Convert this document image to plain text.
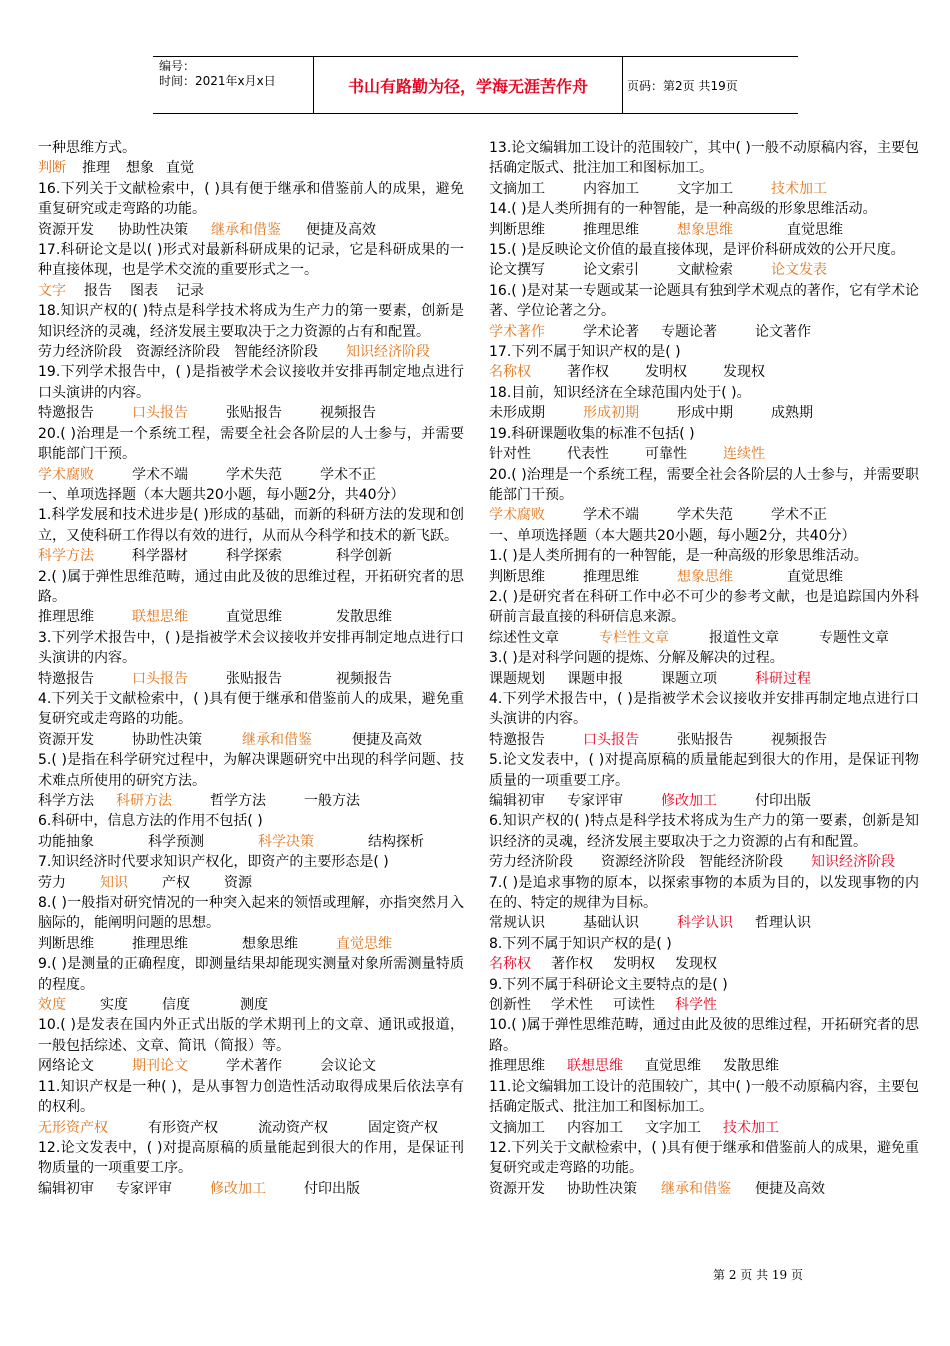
编号：
时间：2021年x月x日	书山有路勤为径，学海无涯苦作舟	页码：第2页 共19页
一种思维方式。
判断 推理 想象 直觉
16.下列关于文献检索中，( )具有便于继承和借鉴前人的成果，避免重复研究或走弯路的功能。
资源开发 协助性决策 继承和借鉴 便捷及高效
17.科研论文是以( )形式对最新科研成果的记录，它是科研成果的一种直接体现，也是学术交流的重要形式之一。
文字 报告 图表 记录
18.知识产权的( )特点是科学技术将成为生产力的第一要素，创新是知识经济的灵魂，经济发展主要取决于之力资源的占有和配置。
劳力经济阶段　资源经济阶段　智能经济阶段　　知识经济阶段
19.下列学术报告中，( )是指被学术会议接收并安排再制定地点进行口头演讲的内容。
特邀报告	口头报告	张贴报告	视频报告
20.( )治理是一个系统工程，需要全社会各阶层的人士参与，并需要职能部门干预。
学术腐败	学术不端	学术失范	学术不正
一、单项选择题（本大题共20小题，每小题2分，共40分）
1.科学发展和技术进步是( )形成的基础，而新的科研方法的发现和创立，又使科研工作得以有效的进行，从而从今科学和技术的新飞跃。
科学方法	科学器材	科学探索	科学创新
2.( )属于弹性思维范畴，通过由此及彼的思维过程，开拓研究者的思路。
推理思维	联想思维	直觉思维	发散思维
3.下列学术报告中，( )是指被学术会议接收并安排再制定地点进行口头演讲的内容。
特邀报告	口头报告	张贴报告	视频报告
4.下列关于文献检索中，( )具有便于继承和借鉴前人的成果，避免重复研究或走弯路的功能。
资源开发	协助性决策	继承和借鉴	便捷及高效
5.( )是指在科学研究过程中，为解决课题研究中出现的科学问题、技术难点所使用的研究方法。
科学方法 科研方法	哲学方法	一般方法
6.科研中，信息方法的作用不包括( )
功能抽象	科学预测	科学决策	结构探析
7.知识经济时代要求知识产权化，即资产的主要形态是( )
劳力 知识 产权 资源
8.( )一般指对研究情况的一种突入起来的领悟或理解，亦指突然月入脑际的，能阐明问题的思想。
判断思维	推理思维	想象思维	直觉思维
9.( )是测量的正确程度，即测量结果却能现实测量对象所需测量特质的程度。
效度 实度 信度	测度
10.( )是发表在国内外正式出版的学术期刊上的文章、通讯或报道，一般包括综述、文章、简讯（简报）等。
网络论文	期刊论文	学术著作	会议论文
11.知识产权是一种( )，是从事智力创造性活动取得成果后依法享有的权利。
无形资产权	有形资产权	流动资产权	固定资产权
12.论文发表中，( )对提高原稿的质量能起到很大的作用，是保证刊物质量的一项重要工序。
编辑初审 专家评审	修改加工	付印出版
13.论文编辑加工设计的范围较广，其中( )一般不动原稿内容，主要包括确定版式、批注加工和图标加工。
文摘加工	内容加工	文字加工	技术加工
14.( )是人类所拥有的一种智能，是一种高级的形象思维活动。
判断思维	推理思维	想象思维	直觉思维
15.( )是反映论文价值的最直接体现，是评价科研成效的公开尺度。
论文撰写	论文索引	文献检索	论文发表
16.( )是对某一专题或某一论题具有独到学术观点的著作，它有学术论著、学位论著之分。
学术著作	学术论著 专题论著	论文著作
17.下列不属于知识产权的是( )
名称权	著作权	发明权	发现权
18.目前，知识经济在全球范围内处于( )。
未形成期	形成初期	形成中期	成熟期
19.科研课题收集的标准不包括( )
针对性	代表性	可靠性	连续性
20.( )治理是一个系统工程，需要全社会各阶层的人士参与，并需要职能部门干预。
学术腐败	学术不端	学术失范	学术不正
一、单项选择题（本大题共20小题，每小题2分，共40分）
1.( )是人类所拥有的一种智能，是一种高级的形象思维活动。
判断思维	推理思维	想象思维	直觉思维
2.( )是研究者在科研工作中必不可少的参考文献，也是追踪国内外科研前言最直接的科研信息来源。
综述性文章	专栏性文章	报道性文章	专题性文章
3.( )是对科学问题的提炼、分解及解决的过程。
课题规划 课题申报	课题立项	科研过程
4.下列学术报告中，( )是指被学术会议接收并安排再制定地点进行口头演讲的内容。
特邀报告	口头报告	张贴报告	视频报告
5.论文发表中，( )对提高原稿的质量能起到很大的作用，是保证刊物质量的一项重要工序。
编辑初审 专家评审	修改加工	付印出版
6.知识产权的( )特点是科学技术将成为生产力的第一要素，创新是知识经济的灵魂，经济发展主要取决于之力资源的占有和配置。
劳力经济阶段　　资源经济阶段　智能经济阶段　　知识经济阶段
7.( )是追求事物的原本，以探索事物的本质为目的，以发现事物的内在的、特定的规律为目标。
常规认识	基础认识	科学认识 哲理认识
8.下列不属于知识产权的是( )
名称权 著作权 发明权 发现权
9.下列不属于科研论文主要特点的是( )
创新性 学术性 可读性 科学性
10.( )属于弹性思维范畴，通过由此及彼的思维过程，开拓研究者的思路。
推理思维 联想思维 直觉思维 发散思维
11.论文编辑加工设计的范围较广，其中( )一般不动原稿内容，主要包括确定版式、批注加工和图标加工。
文摘加工 内容加工 文字加工 技术加工
12.下列关于文献检索中，( )具有便于继承和借鉴前人的成果，避免重复研究或走弯路的功能。
资源开发 协助性决策 继承和借鉴 便捷及高效
第 2 页 共 19 页
